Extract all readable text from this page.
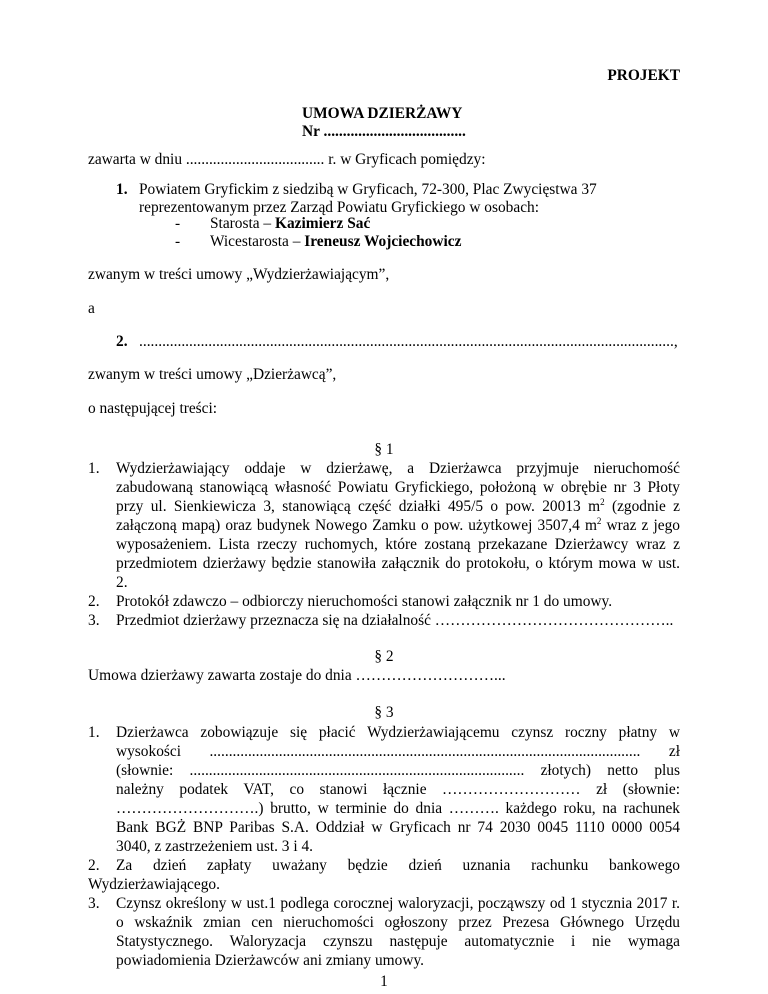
PROJEKT
UMOWA DZIERŻAWY
Nr .....................................
zawarta w dniu .................................... r. w Gryficach pomiędzy:
1. Powiatem Gryfickim z siedzibą w Gryficach, 72-300, Plac Zwycięstwa 37
reprezentowanym przez Zarząd Powiatu Gryfickiego w osobach:
- Starosta – Kazimierz Sać
- Wicestarosta – Ireneusz Wojciechowicz
zwanym w treści umowy „Wydzierżawiającym”,
a
2. ...........................................................................................................................................,
zwanym w treści umowy „Dzierżawcą”,
o następującej treści:
§ 1
1. Wydzierżawiający oddaje w dzierżawę, a Dzierżawca przyjmuje nieruchomość
zabudowaną stanowiącą własność Powiatu Gryfickiego, położoną w obrębie nr 3 Płoty
przy ul. Sienkiewicza 3, stanowiącą część działki 495/5 o pow. 20013 $m^2$ (zgodnie z
załączoną mapą) oraz budynek Nowego Zamku o pow. użytkowej 3507,4 $m^2$ wraz z jego
wyposażeniem. Lista rzeczy ruchomych, które zostaną przekazane Dzierżawcy wraz z
przedmiotem dzierżawy będzie stanowiła załącznik do protokołu, o którym mowa w ust.
2.
2. Protokół zdawczo – odbiorczy nieruchomości stanowi załącznik nr 1 do umowy.
3. Przedmiot dzierżawy przeznacza się na działalność ………………………………………..
§ 2
Umowa dzierżawy zawarta zostaje do dnia ………………………...
§ 3
1. Dzierżawca zobowiązuje się płacić Wydzierżawiającemu czynsz roczny płatny w
wysokości ................................................................................................................ zł
(słownie: ....................................................................................... złotych) netto plus
należny podatek VAT, co stanowi łącznie ……………………… zł (słownie:
……………………….) brutto, w terminie do dnia ………. każdego roku, na rachunek
Bank BGŻ BNP Paribas S.A. Oddział w Gryficach nr 74 2030 0045 1110 0000 0054
3040, z zastrzeżeniem ust. 3 i 4.
2. Za dzień zapłaty uważany będzie dzień uznania rachunku bankowego
Wydzierżawiającego.
3. Czynsz określony w ust.1 podlega corocznej waloryzacji, począwszy od 1 stycznia 2017 r.
o wskaźnik zmian cen nieruchomości ogłoszony przez Prezesa Głównego Urzędu
Statystycznego. Waloryzacja czynszu następuje automatycznie i nie wymaga
powiadomienia Dzierżawców ani zmiany umowy.
1
